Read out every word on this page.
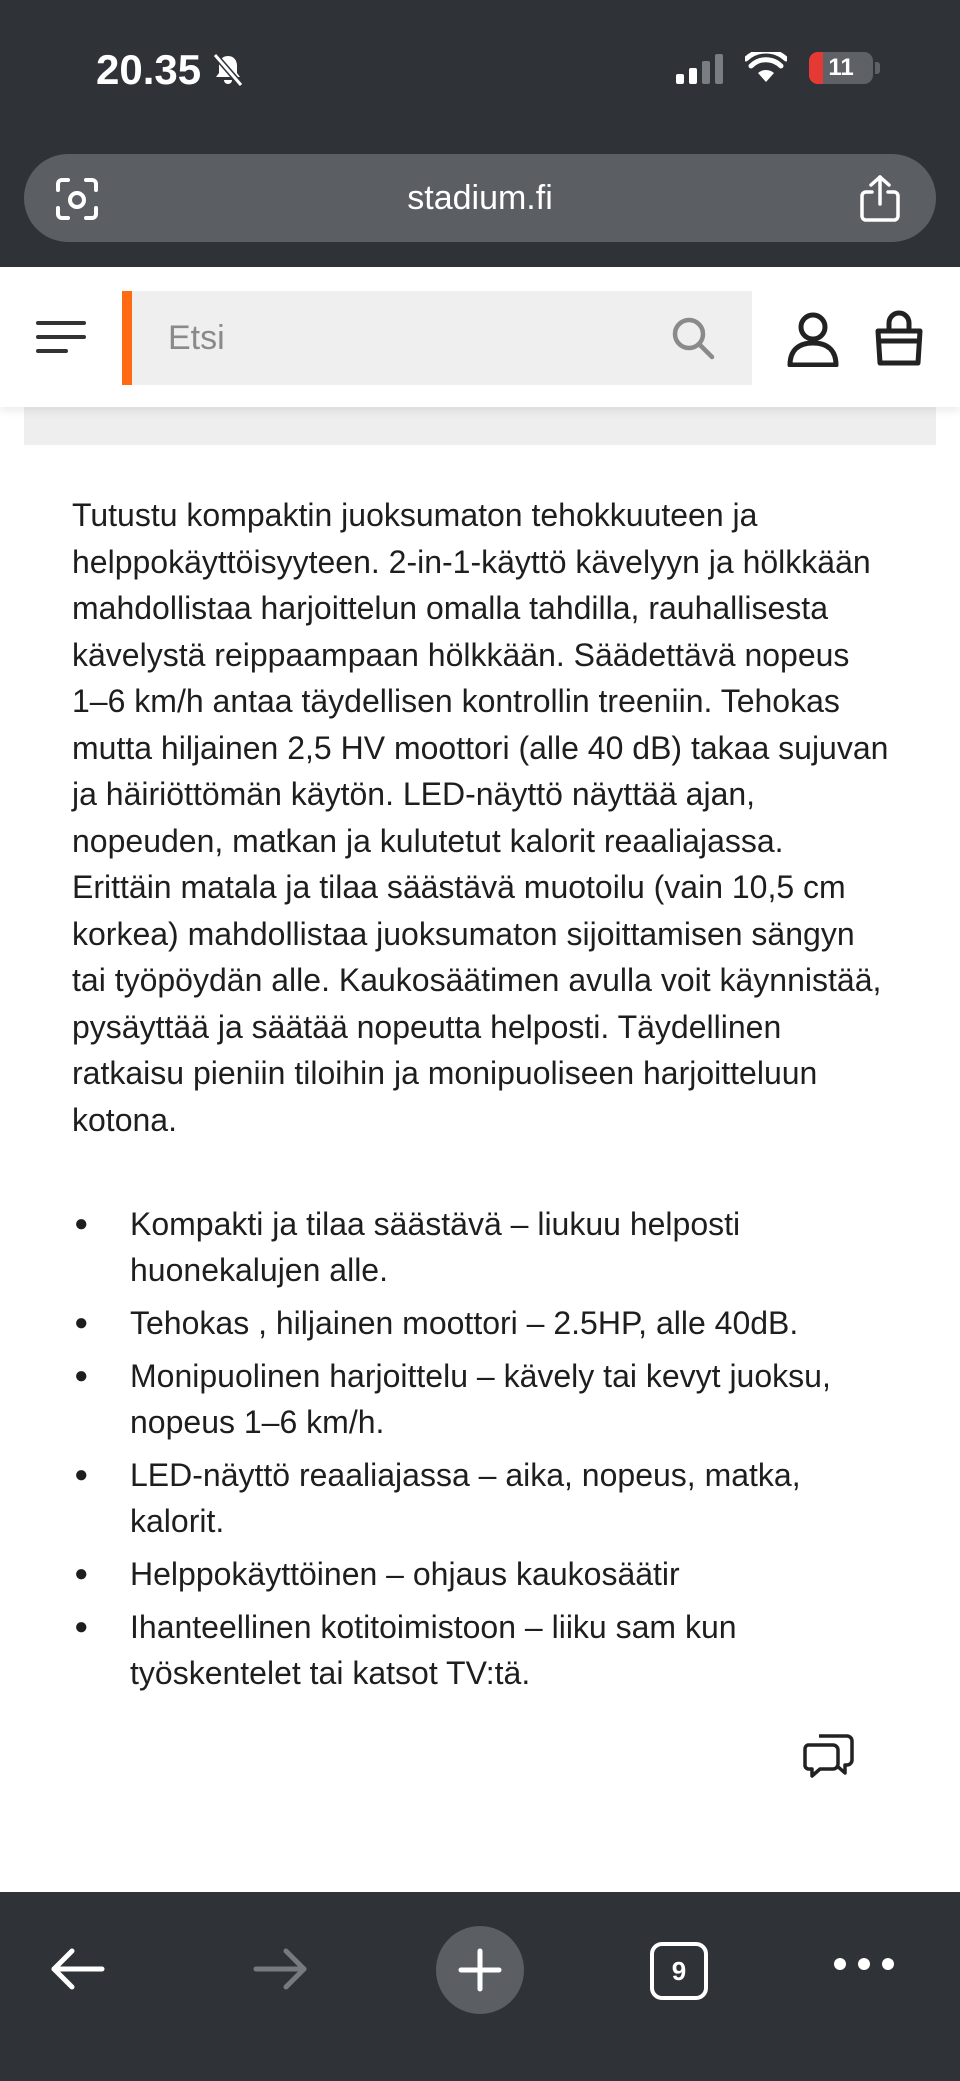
20.35	11
stadium.fi
Etsi

Tutustu kompaktin juoksumaton tehokkuuteen ja helppokäyttöisyyteen. 2-in-1-käyttö kävelyyn ja hölkkään mahdollistaa harjoittelun omalla tahdilla, rauhallisesta kävelystä reippaampaan hölkkään. Säädettävä nopeus 1–6 km/h antaa täydellisen kontrollin treeniin. Tehokas mutta hiljainen 2,5 HV moottori (alle 40 dB) takaa sujuvan ja häiriöttömän käytön. LED-näyttö näyttää ajan, nopeuden, matkan ja kulutetut kalorit reaaliajassa. Erittäin matala ja tilaa säästävä muotoilu (vain 10,5 cm korkea) mahdollistaa juoksumaton sijoittamisen sängyn tai työpöydän alle. Kaukosäätimen avulla voit käynnistää, pysäyttää ja säätää nopeutta helposti. Täydellinen ratkaisu pieniin tiloihin ja monipuoliseen harjoitteluun kotona.

● Kompakti ja tilaa säästävä – liukuu helposti huonekalujen alle.
● Tehokas , hiljainen moottori – 2.5HP, alle 40dB.
● Monipuolinen harjoittelu – kävely tai kevyt juoksu, nopeus 1–6 km/h.
● LED-näyttö reaaliajassa – aika, nopeus, matka, kalorit.
● Helppokäyttöinen – ohjaus kaukosäätir
● Ihanteellinen kotitoimistoon – liiku sam kun työskentelet tai katsot TV:tä.
9
